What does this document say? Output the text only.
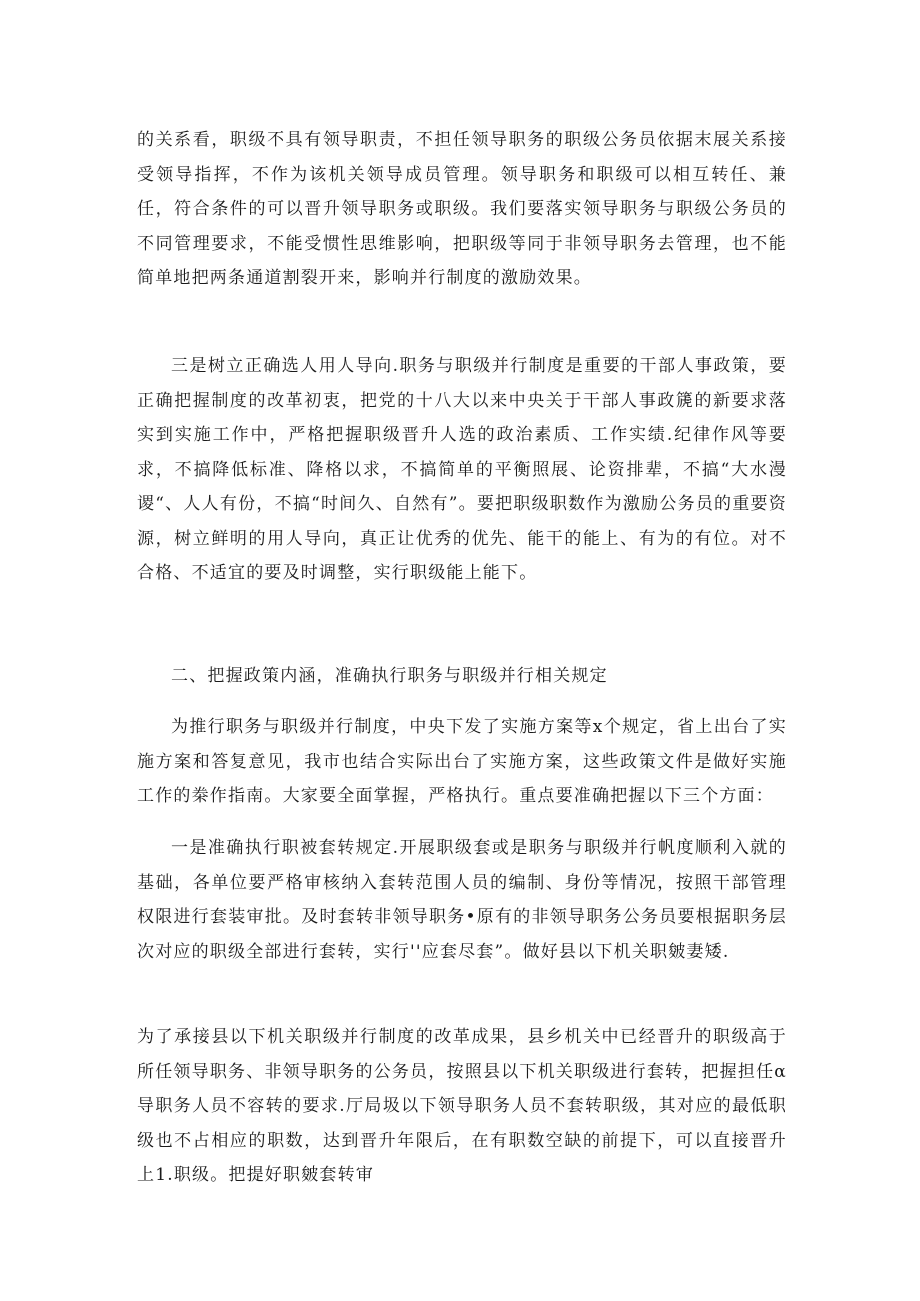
的关系看，职级不具有领导职责，不担任领导职务的职级公务员依据末展关系接受领导指挥，不作为该机关领导成员管理。领导职务和职级可以相互转任、兼任，符合条件的可以晋升领导职务或职级。我们要落实领导职务与职级公务员的不同管理要求，不能受惯性思维影响，把职级等同于非领导职务去管理，也不能简单地把两条通道割裂开来，影响并行制度的激励效果。

三是树立正确选人用人导向.职务与职级并行制度是重要的干部人事政策，要正确把握制度的改革初衷，把党的十八大以来中央关于干部人事政篪的新要求落实到实施工作中，严格把握职级晋升人选的政治素质、工作实绩.纪律作风等要求，不搞降低标准、降格以求，不搞简单的平衡照展、论资排辈，不搞“大水漫谡“、人人有份，不搞“时间久、自然有”。要把职级职数作为激励公务员的重要资源，树立鲜明的用人导向，真正让优秀的优先、能干的能上、有为的有位。对不合格、不适宜的要及时调整，实行职级能上能下。

二、把握政策内涵，准确执行职务与职级并行相关规定

为推行职务与职级并行制度，中央下发了实施方案等x个规定，省上出台了实施方案和答复意见，我市也结合实际出台了实施方案，这些政策文件是做好实施工作的桊作指南。大家要全面掌握，严格执行。重点要准确把握以下三个方面：

一是准确执行职被套转规定.开展职级套或是职务与职级并行帆度顺利入就的基础，各单位要严格审核纳入套转范围人员的编制、身份等情况，按照干部管理权限进行套装审批。及时套转非领导职务•原有的非领导职务公务员要根据职务层次对应的职级全部进行套转，实行''应套尽套”。做好县以下机关职皴妻矮.

为了承接县以下机关职级并行制度的改革成果，县乡机关中已经晋升的职级高于所任领导职务、非领导职务的公务员，按照县以下机关职级进行套转，把握担任α导职务人员不容转的要求.厅局圾以下领导职务人员不套转职级，其对应的最低职级也不占相应的职数，达到晋升年限后，在有职数空缺的前提下，可以直接晋升上1.职级。把提好职皴套转审
